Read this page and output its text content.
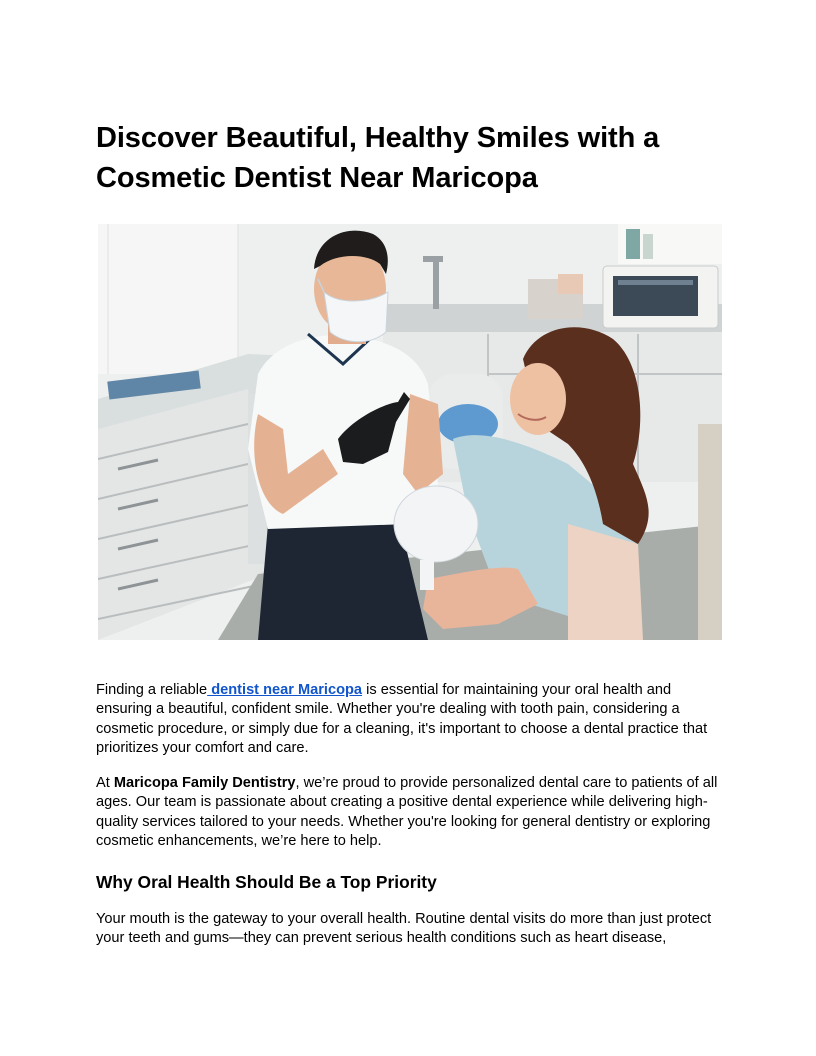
Discover Beautiful, Healthy Smiles with a Cosmetic Dentist Near Maricopa

Finding a reliable dentist near Maricopa is essential for maintaining your oral health and ensuring a beautiful, confident smile. Whether you're dealing with tooth pain, considering a cosmetic procedure, or simply due for a cleaning, it's important to choose a dental practice that prioritizes your comfort and care.

At Maricopa Family Dentistry, we’re proud to provide personalized dental care to patients of all ages. Our team is passionate about creating a positive dental experience while delivering high-quality services tailored to your needs. Whether you're looking for general dentistry or exploring cosmetic enhancements, we’re here to help.

Why Oral Health Should Be a Top Priority

Your mouth is the gateway to your overall health. Routine dental visits do more than just protect your teeth and gums—they can prevent serious health conditions such as heart disease,
